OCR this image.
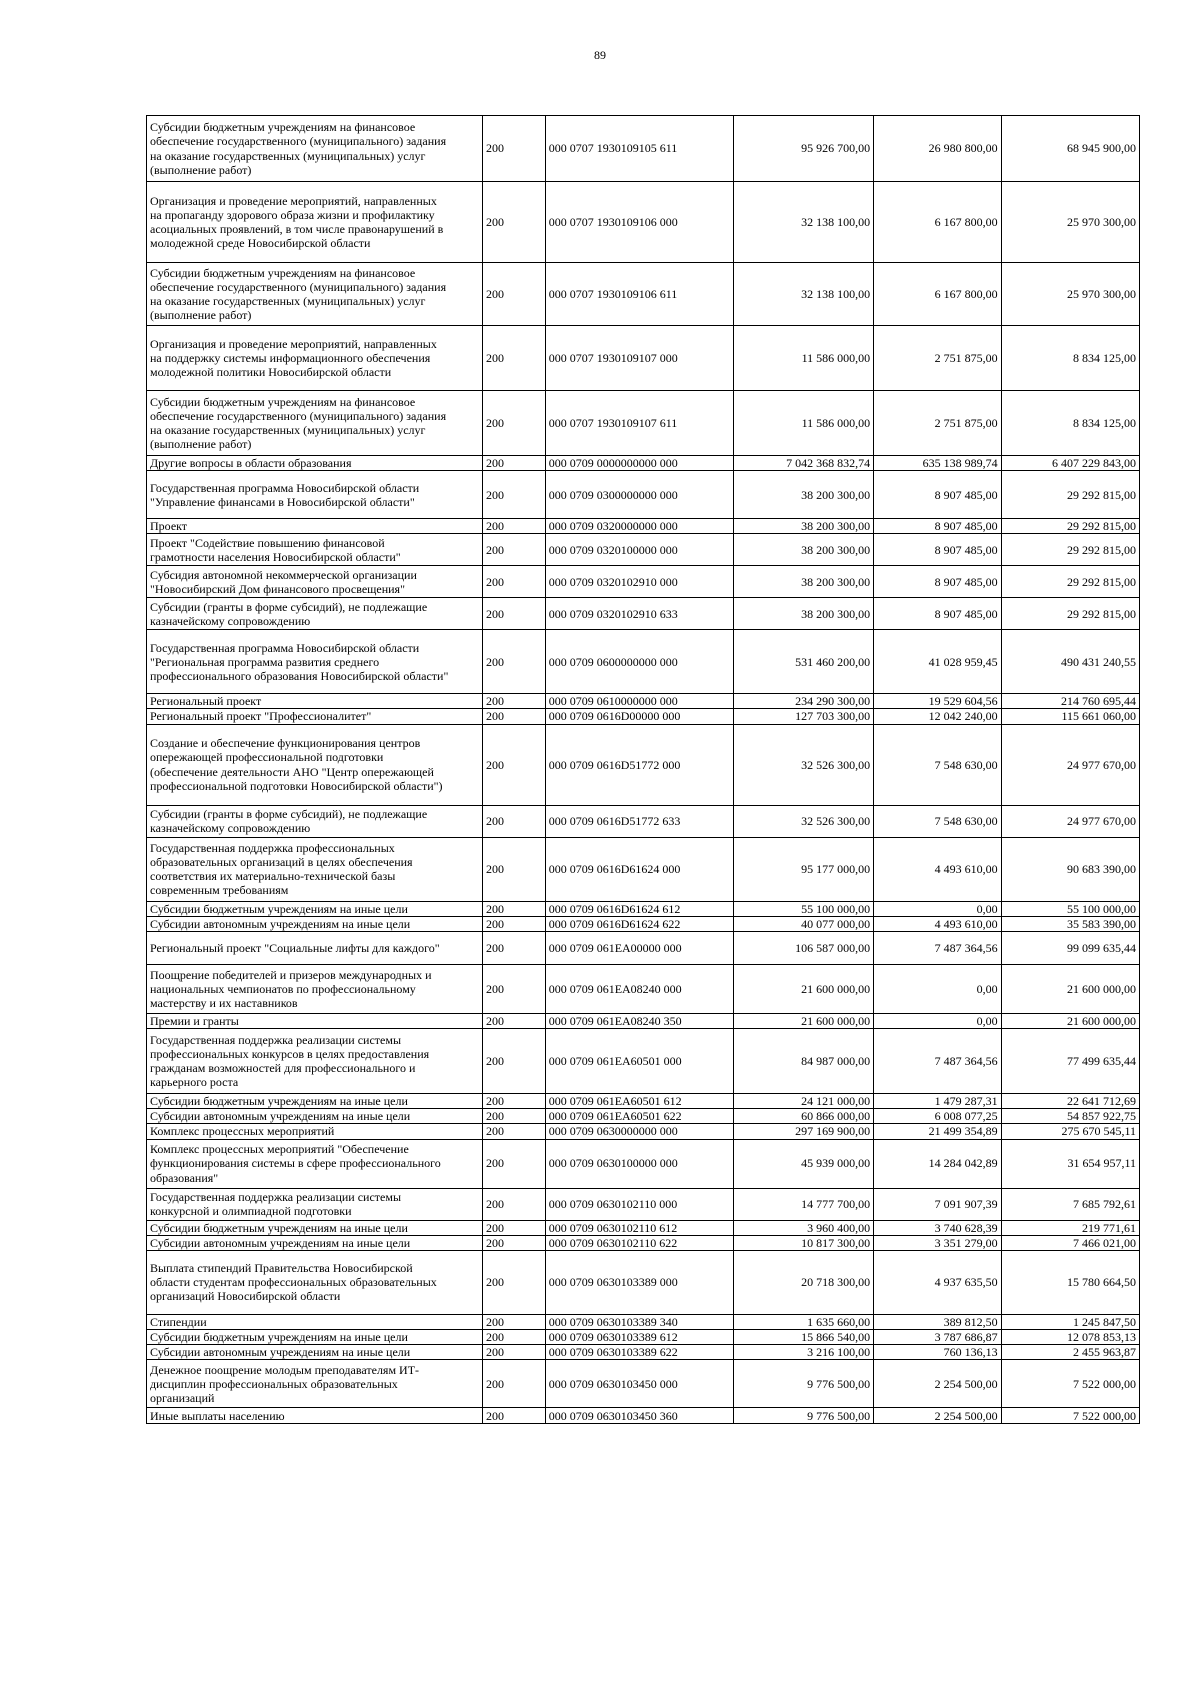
89
Субсидии бюджетным учреждениям на финансовое
обеспечение государственного (муниципального) задания
на оказание государственных (муниципальных) услуг
(выполнение работ)	200	000 0707 1930109105 611	95 926 700,00	26 980 800,00	68 945 900,00
Организация и проведение мероприятий, направленных
на пропаганду здорового образа жизни и профилактику
асоциальных проявлений, в том числе правонарушений в
молодежной среде Новосибирской области	200	000 0707 1930109106 000	32 138 100,00	6 167 800,00	25 970 300,00
Субсидии бюджетным учреждениям на финансовое
обеспечение государственного (муниципального) задания
на оказание государственных (муниципальных) услуг
(выполнение работ)	200	000 0707 1930109106 611	32 138 100,00	6 167 800,00	25 970 300,00
Организация и проведение мероприятий, направленных
на поддержку системы информационного обеспечения
молодежной политики Новосибирской области	200	000 0707 1930109107 000	11 586 000,00	2 751 875,00	8 834 125,00
Субсидии бюджетным учреждениям на финансовое
обеспечение государственного (муниципального) задания
на оказание государственных (муниципальных) услуг
(выполнение работ)	200	000 0707 1930109107 611	11 586 000,00	2 751 875,00	8 834 125,00
Другие вопросы в области образования	200	000 0709 0000000000 000	7 042 368 832,74	635 138 989,74	6 407 229 843,00
Государственная программа Новосибирской области
"Управление финансами в Новосибирской области"	200	000 0709 0300000000 000	38 200 300,00	8 907 485,00	29 292 815,00
Проект	200	000 0709 0320000000 000	38 200 300,00	8 907 485,00	29 292 815,00
Проект "Содействие повышению финансовой
грамотности населения Новосибирской области"	200	000 0709 0320100000 000	38 200 300,00	8 907 485,00	29 292 815,00
Субсидия автономной некоммерческой организации
"Новосибирский Дом финансового просвещения"	200	000 0709 0320102910 000	38 200 300,00	8 907 485,00	29 292 815,00
Субсидии (гранты в форме субсидий), не подлежащие
казначейскому сопровождению	200	000 0709 0320102910 633	38 200 300,00	8 907 485,00	29 292 815,00
Государственная программа Новосибирской области
"Региональная программа развития среднего
профессионального образования Новосибирской области"	200	000 0709 0600000000 000	531 460 200,00	41 028 959,45	490 431 240,55
Региональный проект	200	000 0709 0610000000 000	234 290 300,00	19 529 604,56	214 760 695,44
Региональный проект "Профессионалитет"	200	000 0709 0616D00000 000	127 703 300,00	12 042 240,00	115 661 060,00
Создание и обеспечение функционирования центров
опережающей профессиональной подготовки
(обеспечение деятельности АНО "Центр опережающей
профессиональной подготовки Новосибирской области")	200	000 0709 0616D51772 000	32 526 300,00	7 548 630,00	24 977 670,00
Субсидии (гранты в форме субсидий), не подлежащие
казначейскому сопровождению	200	000 0709 0616D51772 633	32 526 300,00	7 548 630,00	24 977 670,00
Государственная поддержка профессиональных
образовательных организаций в целях обеспечения
соответствия их материально-технической базы
современным требованиям	200	000 0709 0616D61624 000	95 177 000,00	4 493 610,00	90 683 390,00
Субсидии бюджетным учреждениям на иные цели	200	000 0709 0616D61624 612	55 100 000,00	0,00	55 100 000,00
Субсидии автономным учреждениям на иные цели	200	000 0709 0616D61624 622	40 077 000,00	4 493 610,00	35 583 390,00
Региональный проект "Социальные лифты для каждого"	200	000 0709 061EA00000 000	106 587 000,00	7 487 364,56	99 099 635,44
Поощрение победителей и призеров международных и
национальных чемпионатов по профессиональному
мастерству и их наставников	200	000 0709 061EA08240 000	21 600 000,00	0,00	21 600 000,00
Премии и гранты	200	000 0709 061EA08240 350	21 600 000,00	0,00	21 600 000,00
Государственная поддержка реализации системы
профессиональных конкурсов в целях предоставления
гражданам возможностей для профессионального и
карьерного роста	200	000 0709 061EA60501 000	84 987 000,00	7 487 364,56	77 499 635,44
Субсидии бюджетным учреждениям на иные цели	200	000 0709 061EA60501 612	24 121 000,00	1 479 287,31	22 641 712,69
Субсидии автономным учреждениям на иные цели	200	000 0709 061EA60501 622	60 866 000,00	6 008 077,25	54 857 922,75
Комплекс процессных мероприятий	200	000 0709 0630000000 000	297 169 900,00	21 499 354,89	275 670 545,11
Комплекс процессных мероприятий "Обеспечение
функционирования системы в сфере профессионального
образования"	200	000 0709 0630100000 000	45 939 000,00	14 284 042,89	31 654 957,11
Государственная поддержка реализации системы
конкурсной и олимпиадной подготовки	200	000 0709 0630102110 000	14 777 700,00	7 091 907,39	7 685 792,61
Субсидии бюджетным учреждениям на иные цели	200	000 0709 0630102110 612	3 960 400,00	3 740 628,39	219 771,61
Субсидии автономным учреждениям на иные цели	200	000 0709 0630102110 622	10 817 300,00	3 351 279,00	7 466 021,00
Выплата стипендий Правительства Новосибирской
области студентам профессиональных образовательных
организаций Новосибирской области	200	000 0709 0630103389 000	20 718 300,00	4 937 635,50	15 780 664,50
Стипендии	200	000 0709 0630103389 340	1 635 660,00	389 812,50	1 245 847,50
Субсидии бюджетным учреждениям на иные цели	200	000 0709 0630103389 612	15 866 540,00	3 787 686,87	12 078 853,13
Субсидии автономным учреждениям на иные цели	200	000 0709 0630103389 622	3 216 100,00	760 136,13	2 455 963,87
Денежное поощрение молодым преподавателям ИТ-
дисциплин профессиональных образовательных
организаций	200	000 0709 0630103450 000	9 776 500,00	2 254 500,00	7 522 000,00
Иные выплаты населению	200	000 0709 0630103450 360	9 776 500,00	2 254 500,00	7 522 000,00
